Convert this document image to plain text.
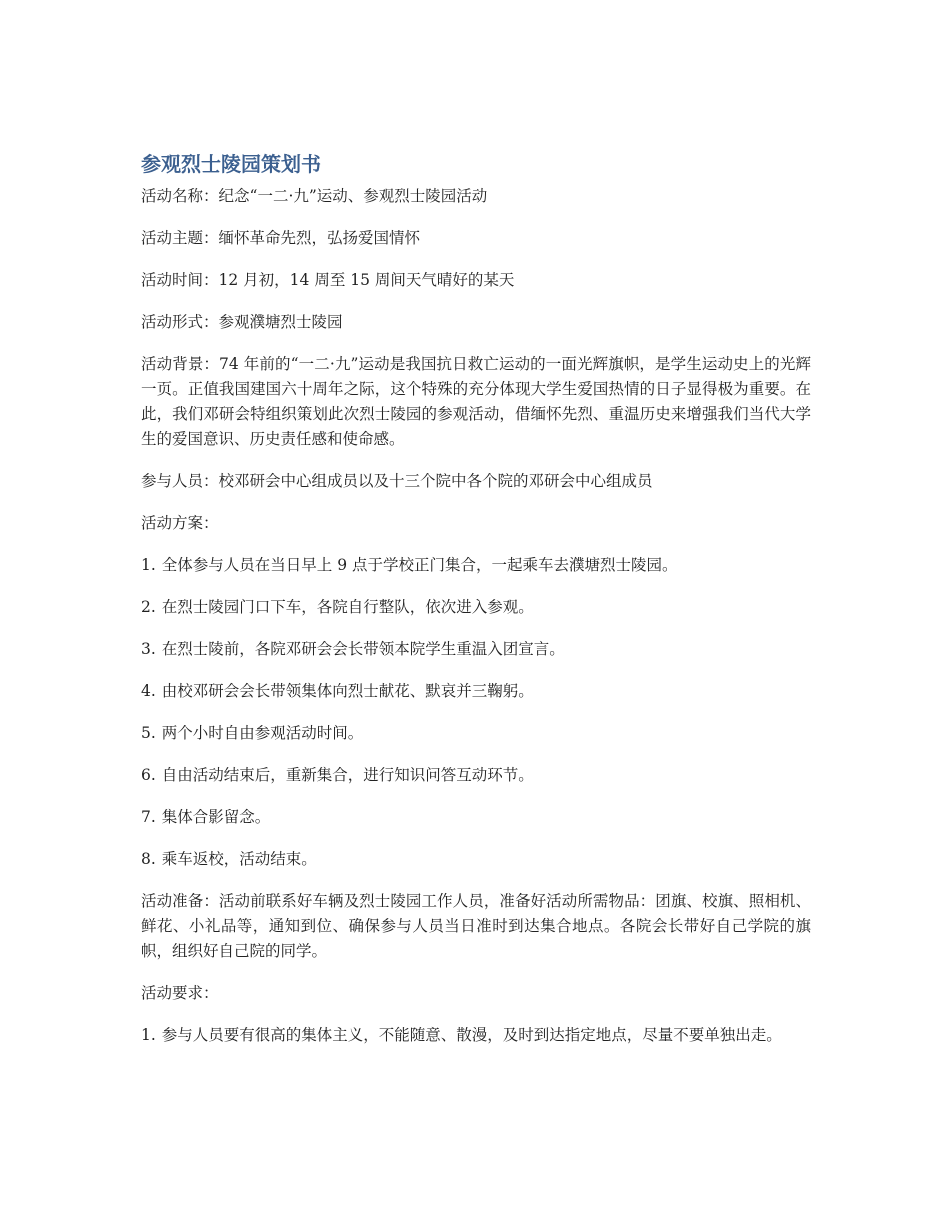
参观烈士陵园策划书

活动名称：纪念“一二·九”运动、参观烈士陵园活动

活动主题：缅怀革命先烈，弘扬爱国情怀

活动时间：12 月初，14 周至 15 周间天气晴好的某天

活动形式：参观濮塘烈士陵园

活动背景：74 年前的“一二·九”运动是我国抗日救亡运动的一面光辉旗帜，是学生运动史上的光辉一页。正值我国建国六十周年之际，这个特殊的充分体现大学生爱国热情的日子显得极为重要。在此，我们邓研会特组织策划此次烈士陵园的参观活动，借缅怀先烈、重温历史来增强我们当代大学生的爱国意识、历史责任感和使命感。

参与人员：校邓研会中心组成员以及十三个院中各个院的邓研会中心组成员

活动方案：

1. 全体参与人员在当日早上 9 点于学校正门集合，一起乘车去濮塘烈士陵园。

2. 在烈士陵园门口下车，各院自行整队，依次进入参观。

3. 在烈士陵前，各院邓研会会长带领本院学生重温入团宣言。

4. 由校邓研会会长带领集体向烈士献花、默哀并三鞠躬。

5. 两个小时自由参观活动时间。

6. 自由活动结束后，重新集合，进行知识问答互动环节。

7. 集体合影留念。

8. 乘车返校，活动结束。

活动准备：活动前联系好车辆及烈士陵园工作人员，准备好活动所需物品：团旗、校旗、照相机、鲜花、小礼品等，通知到位、确保参与人员当日准时到达集合地点。各院会长带好自己学院的旗帜，组织好自己院的同学。

活动要求：

1. 参与人员要有很高的集体主义，不能随意、散漫，及时到达指定地点，尽量不要单独出走。
